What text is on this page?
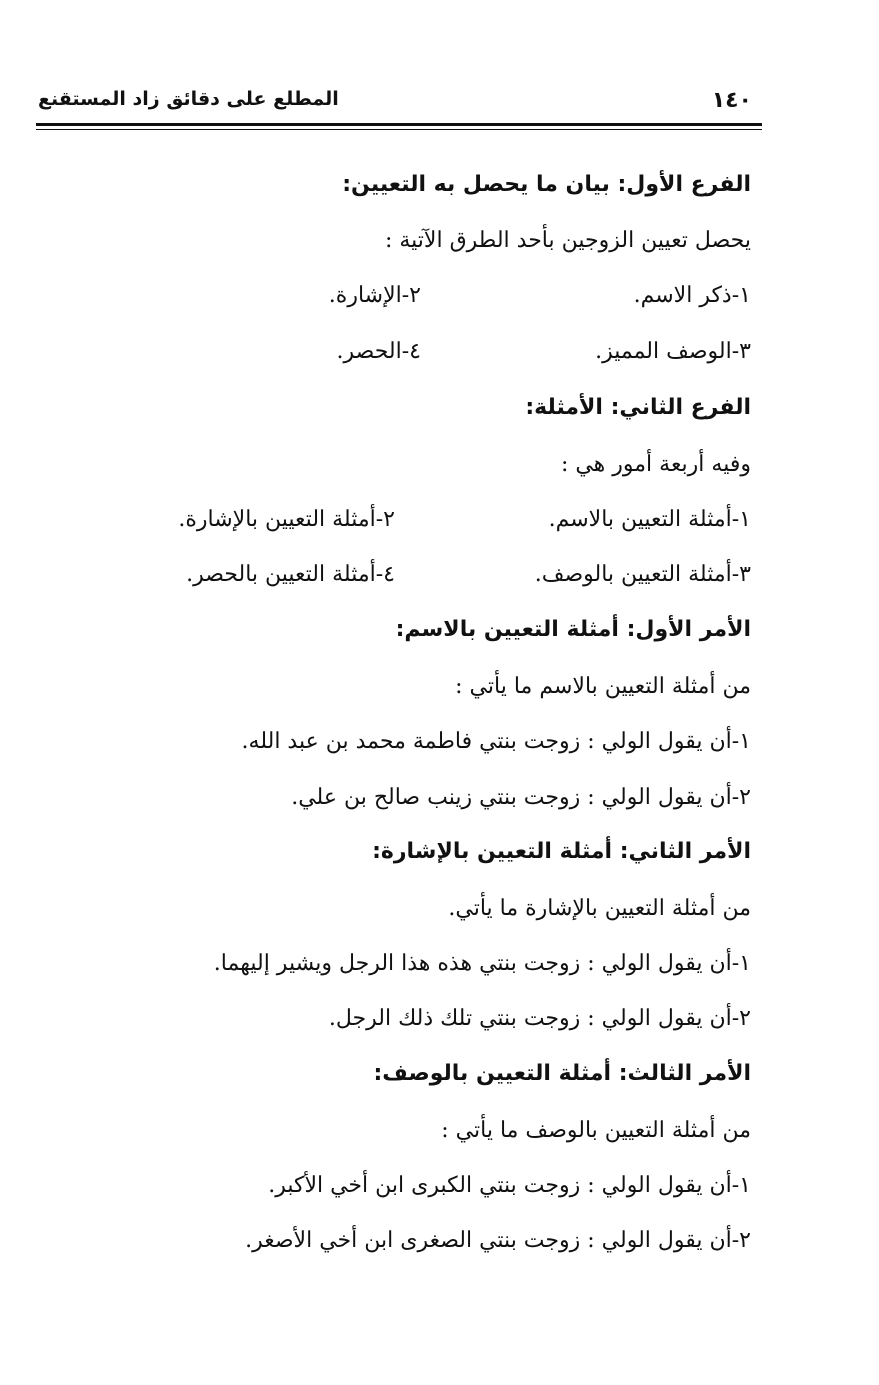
١٤٠
المطلع على دقائق زاد المستقنع
الفرع الأول: بيان ما يحصل به التعيين:
يحصل تعيين الزوجين بأحد الطرق الآتية :
١-ذكر الاسم.
٢-الإشارة.
٣-الوصف المميز.
٤-الحصر.
الفرع الثاني: الأمثلة:
وفيه أربعة أمور هي :
١-أمثلة التعيين بالاسم.
٢-أمثلة التعيين بالإشارة.
٣-أمثلة التعيين بالوصف.
٤-أمثلة التعيين بالحصر.
الأمر الأول: أمثلة التعيين بالاسم:
من أمثلة التعيين بالاسم ما يأتي :
١-أن يقول الولي : زوجت بنتي فاطمة محمد بن عبد الله.
٢-أن يقول الولي : زوجت بنتي زينب صالح بن علي.
الأمر الثاني: أمثلة التعيين بالإشارة:
من أمثلة التعيين بالإشارة ما يأتي.
١-أن يقول الولي : زوجت بنتي هذه هذا الرجل ويشير إليهما.
٢-أن يقول الولي : زوجت بنتي تلك ذلك الرجل.
الأمر الثالث: أمثلة التعيين بالوصف:
من أمثلة التعيين بالوصف ما يأتي :
١-أن يقول الولي : زوجت بنتي الكبرى ابن أخي الأكبر.
٢-أن يقول الولي : زوجت بنتي الصغرى ابن أخي الأصغر.
